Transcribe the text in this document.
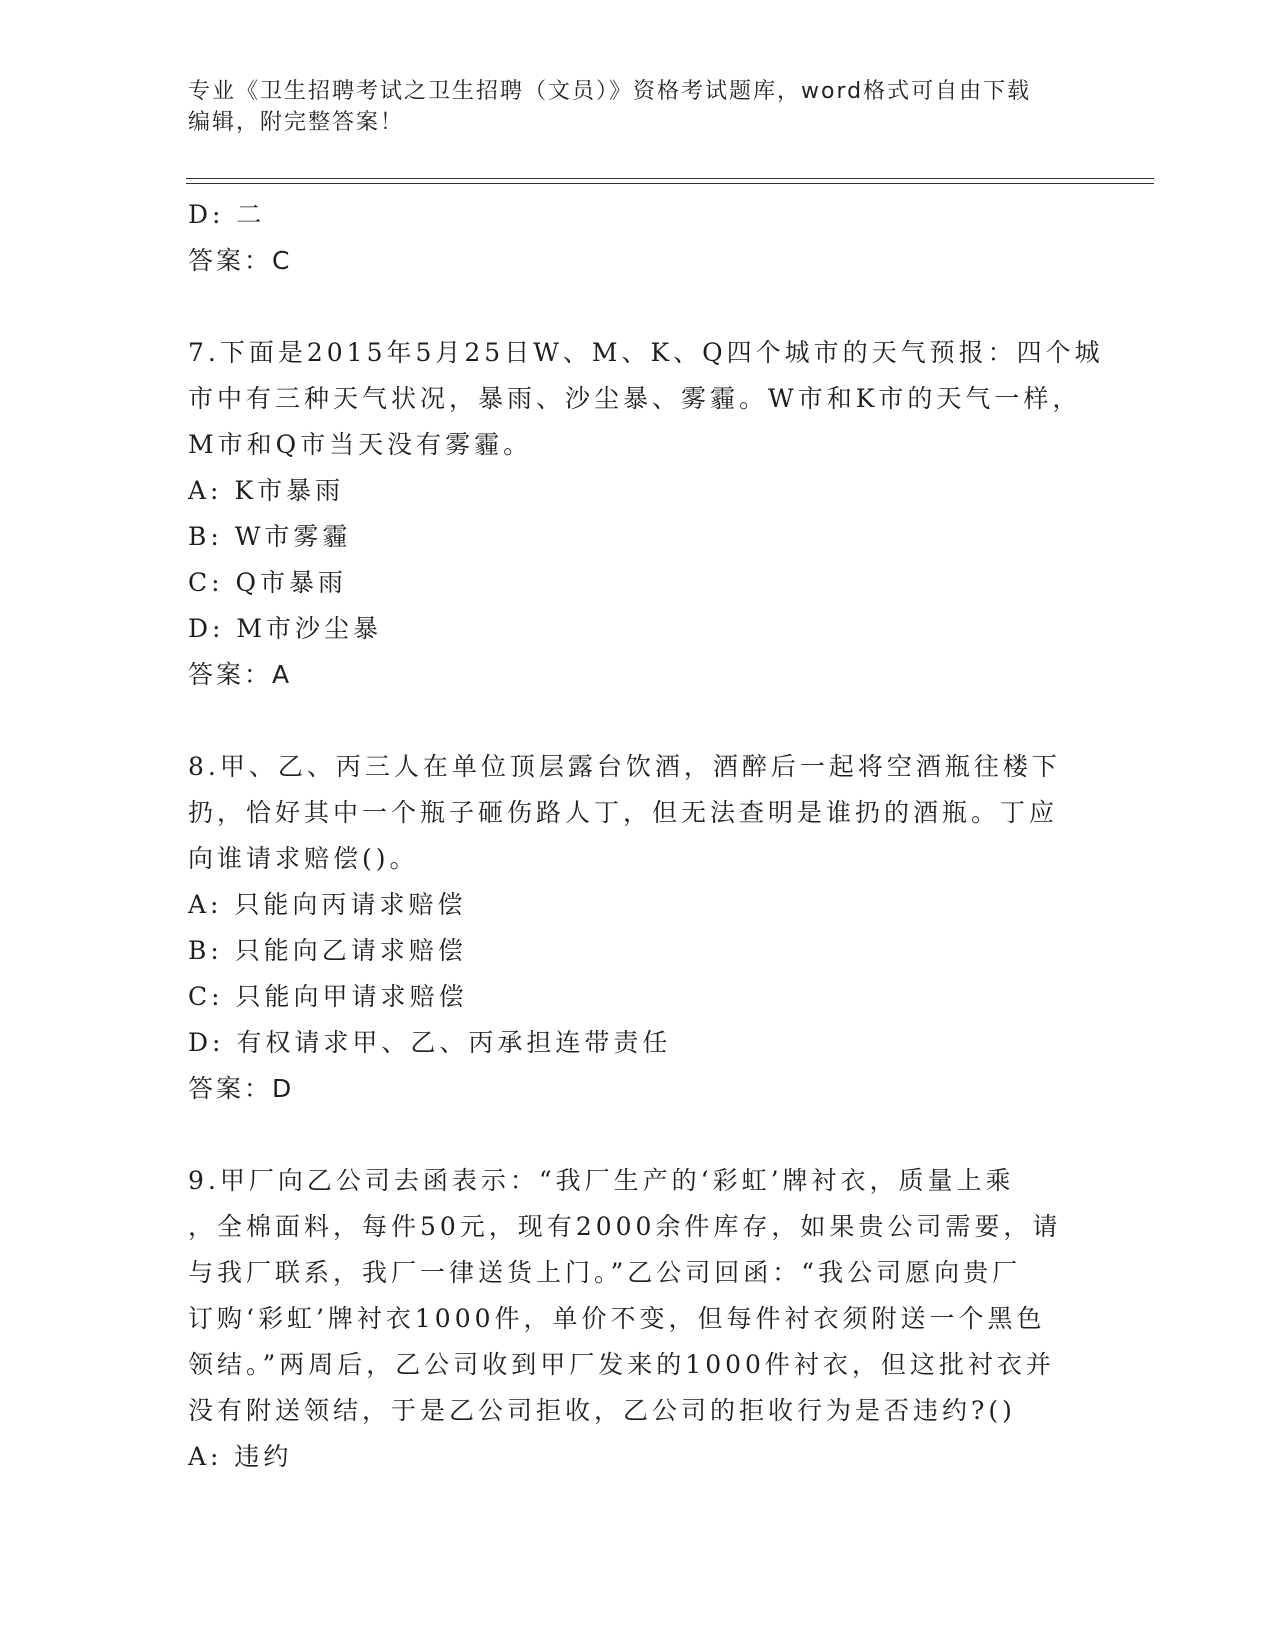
专业《卫生招聘考试之卫生招聘（文员）》资格考试题库，word格式可自由下载
编辑，附完整答案！
D: 二
答案：C
7.下面是2015年5月25日W、M、K、Q四个城市的天气预报：四个城
市中有三种天气状况，暴雨、沙尘暴、雾霾。W市和K市的天气一样，
M市和Q市当天没有雾霾。
A: K市暴雨
B: W市雾霾
C: Q市暴雨
D: M市沙尘暴
答案：A
8.甲、乙、丙三人在单位顶层露台饮酒，酒醉后一起将空酒瓶往楼下
扔，恰好其中一个瓶子砸伤路人丁，但无法查明是谁扔的酒瓶。丁应
向谁请求赔偿()。
A: 只能向丙请求赔偿
B: 只能向乙请求赔偿
C: 只能向甲请求赔偿
D: 有权请求甲、乙、丙承担连带责任
答案：D
9.甲厂向乙公司去函表示：“我厂生产的‘彩虹’牌衬衣，质量上乘
，全棉面料，每件50元，现有2000余件库存，如果贵公司需要，请
与我厂联系，我厂一律送货上门。”乙公司回函：“我公司愿向贵厂
订购‘彩虹’牌衬衣1000件，单价不变，但每件衬衣须附送一个黑色
领结。”两周后，乙公司收到甲厂发来的1000件衬衣，但这批衬衣并
没有附送领结，于是乙公司拒收，乙公司的拒收行为是否违约?()
A: 违约
